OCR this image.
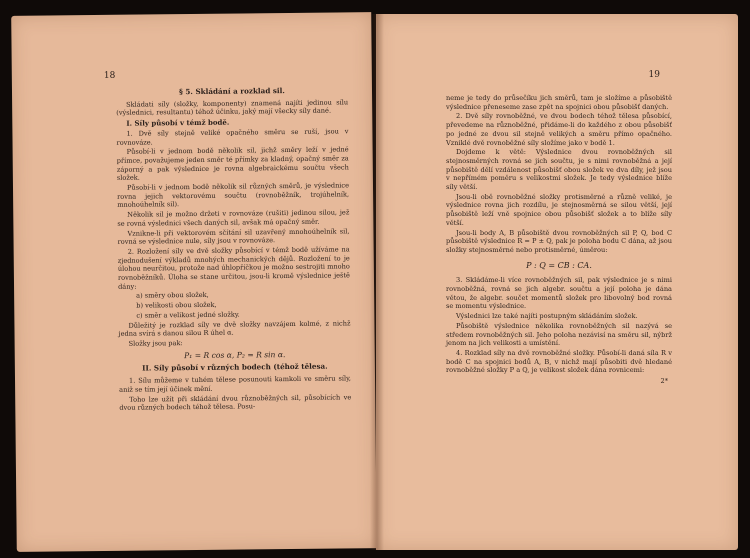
18
§ 5. Skládání a rozklad sil.

Skládati síly (složky, komponenty) znamená najíti jedinou sílu (výslednici, resultantu) téhož účinku, jaký mají všecky síly dané.

I. Síly působí v témž bodě.

1. Dvě síly stejně veliké opačného směru se ruší, jsou v rovnováze.

Působí-li v jednom bodě několik sil, jichž směry leží v jedné přímce, považujeme jeden směr té přímky za kladný, opačný směr za záporný a pak výslednice je rovna algebraickému součtu všech složek.

Působí-li v jednom bodě několik sil různých směrů, je výslednice rovna jejich vektorovému součtu (rovnoběžník, trojúhelník, mnohoúhelník sil).

Několik sil je možno držeti v rovnováze (rušiti) jedinou silou, jež se rovná výslednici všech daných sil, avšak má opačný směr.

Vznikne-li při vektorovém sčítání sil uzavřený mnohoúhelník sil, rovná se výslednice nule, síly jsou v rovnováze.

2. Rozložení síly ve dvě složky působící v témž bodě užíváme na zjednodušení výkladů mnohých mechanických dějů. Rozložení to je úlohou neurčitou, protože nad úhlopříčkou je možno sestrojiti mnoho rovnoběžníků. Úloha se stane určitou, jsou-li kromě výslednice ještě dány:

a) směry obou složek,

b) velikosti obou složek,

c) směr a velikost jedné složky.

Důležitý je rozklad síly ve dvě složky navzájem kolmé, z nichž jedna svírá s danou silou R úhel α.

Složky jsou pak:

P₁ = R cos α, P₂ = R sin α.
II. Síly působí v různých bodech (téhož tělesa.

1. Sílu můžeme v tuhém tělese posunouti kamkoli ve směru síly, aniž se tím její účinek mění.

Toho lze užít při skládání dvou různoběžných sil, působících ve dvou různých bodech téhož tělesa. Posu-

19

neme je tedy do průsečíku jich směrů, tam je složíme a působiště výslednice přeneseme zase zpět na spojnici obou působišť daných.

2. Dvě síly rovnoběžné, ve dvou bodech téhož tělesa působící, převedeme na různoběžné, přidáme-li do každého z obou působišť po jedné ze dvou sil stejně velikých a směru přímo opačného. Vzniklé dvě rovnoběžné síly složíme jako v bodě 1.

Dojdeme k větě: Výslednice dvou rovnoběžných sil stejnosměrných rovná se jich součtu, je s nimi rovnoběžná a její působiště dělí vzdálenost působišť obou složek ve dva díly, jež jsou v nepřímém poměru s velikostmi složek. Je tedy výslednice blíže síly větší.

Jsou-li obě rovnoběžné složky protisměrné a různě veliké, je výslednice rovna jich rozdílu, je stejnosměrná se silou větší, její působiště leží vně spojnice obou působišť složek a to blíže síly větší.

Jsou-li body A, B působiště dvou rovnoběžných sil P, Q, bod C působiště výslednice R = P ± Q, pak je poloha bodu C dána, až jsou složky stejnosměrné nebo protisměrné, úměrou:

P : Q = CB : CA.

3. Skládáme-li více rovnoběžných sil, pak výslednice je s nimi rovnoběžná, rovná se jich algebr. součtu a její poloha je dána větou, že algebr. součet momentů složek pro libovolný bod rovná se momentu výslednice.

Výslednici lze také najíti postupným skládáním složek.

Působiště výslednice několika rovnoběžných sil nazývá se středem rovnoběžných sil. Jeho poloha nezávisí na směru sil, nýbrž jenom na jich velikosti a umístění.

4. Rozklad síly na dvě rovnoběžné složky. Působí-li daná síla R v bodě C na spojnici bodů A, B, v nichž mají působiti dvě hledané rovnoběžné složky P a Q, je velikost složek dána rovnicemi:

2*
